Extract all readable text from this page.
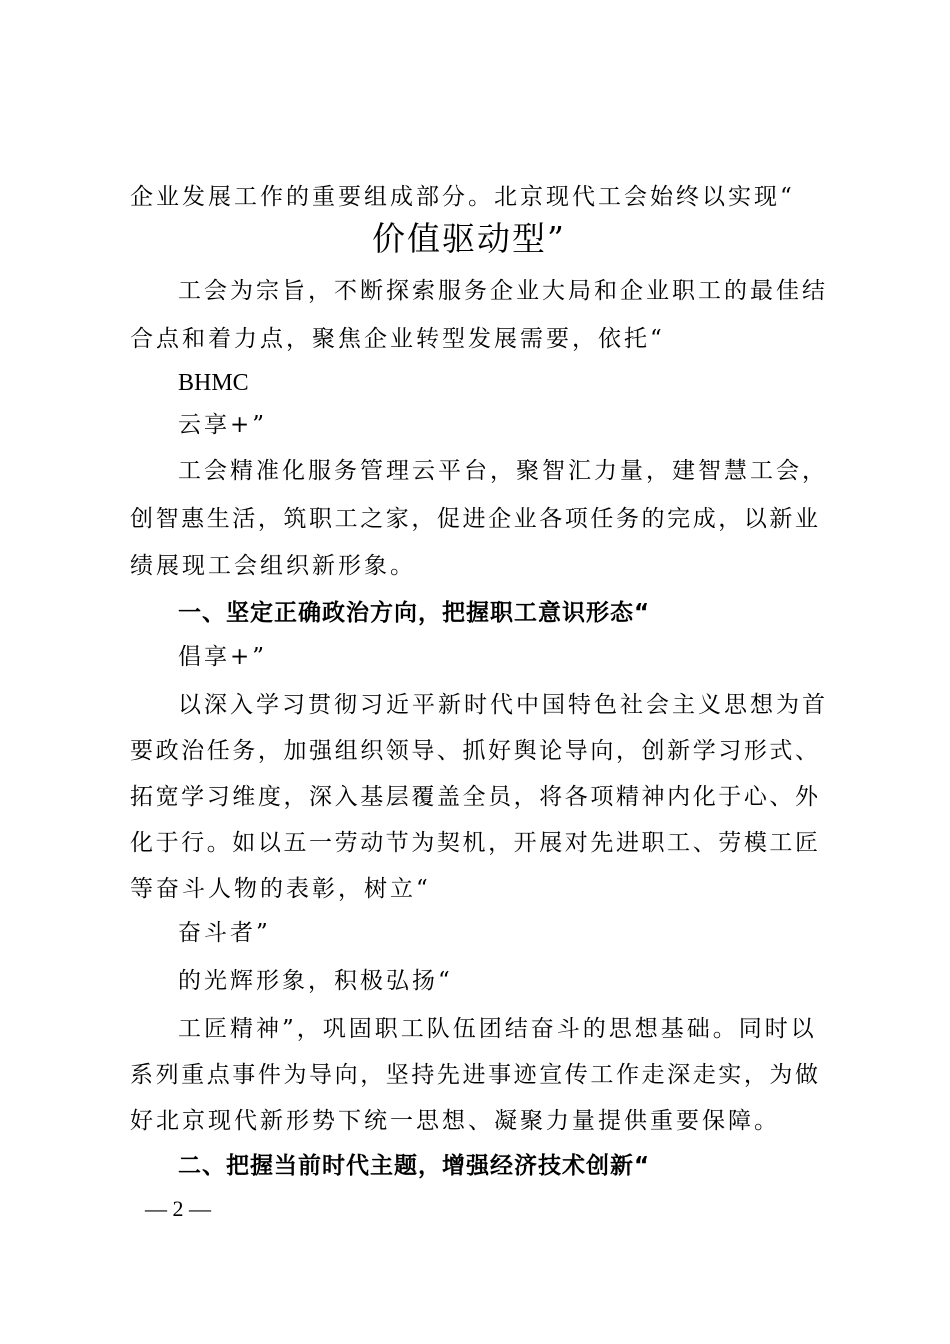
企业发展工作的重要组成部分。北京现代工会始终以实现“
价值驱动型”
工会为宗旨，不断探索服务企业大局和企业职工的最佳结
合点和着力点，聚焦企业转型发展需要，依托“
BHMC
云享+”
工会精准化服务管理云平台，聚智汇力量，建智慧工会，
创智惠生活，筑职工之家，促进企业各项任务的完成，以新业
绩展现工会组织新形象。
一、坚定正确政治方向，把握职工意识形态“
倡享+”
以深入学习贯彻习近平新时代中国特色社会主义思想为首
要政治任务，加强组织领导、抓好舆论导向，创新学习形式、
拓宽学习维度，深入基层覆盖全员，将各项精神内化于心、外
化于行。如以五一劳动节为契机，开展对先进职工、劳模工匠
等奋斗人物的表彰，树立“
奋斗者”
的光辉形象，积极弘扬“
工匠精神”，巩固职工队伍团结奋斗的思想基础。同时以
系列重点事件为导向，坚持先进事迹宣传工作走深走实，为做
好北京现代新形势下统一思想、凝聚力量提供重要保障。
二、把握当前时代主题，增强经济技术创新“
— 2 —
